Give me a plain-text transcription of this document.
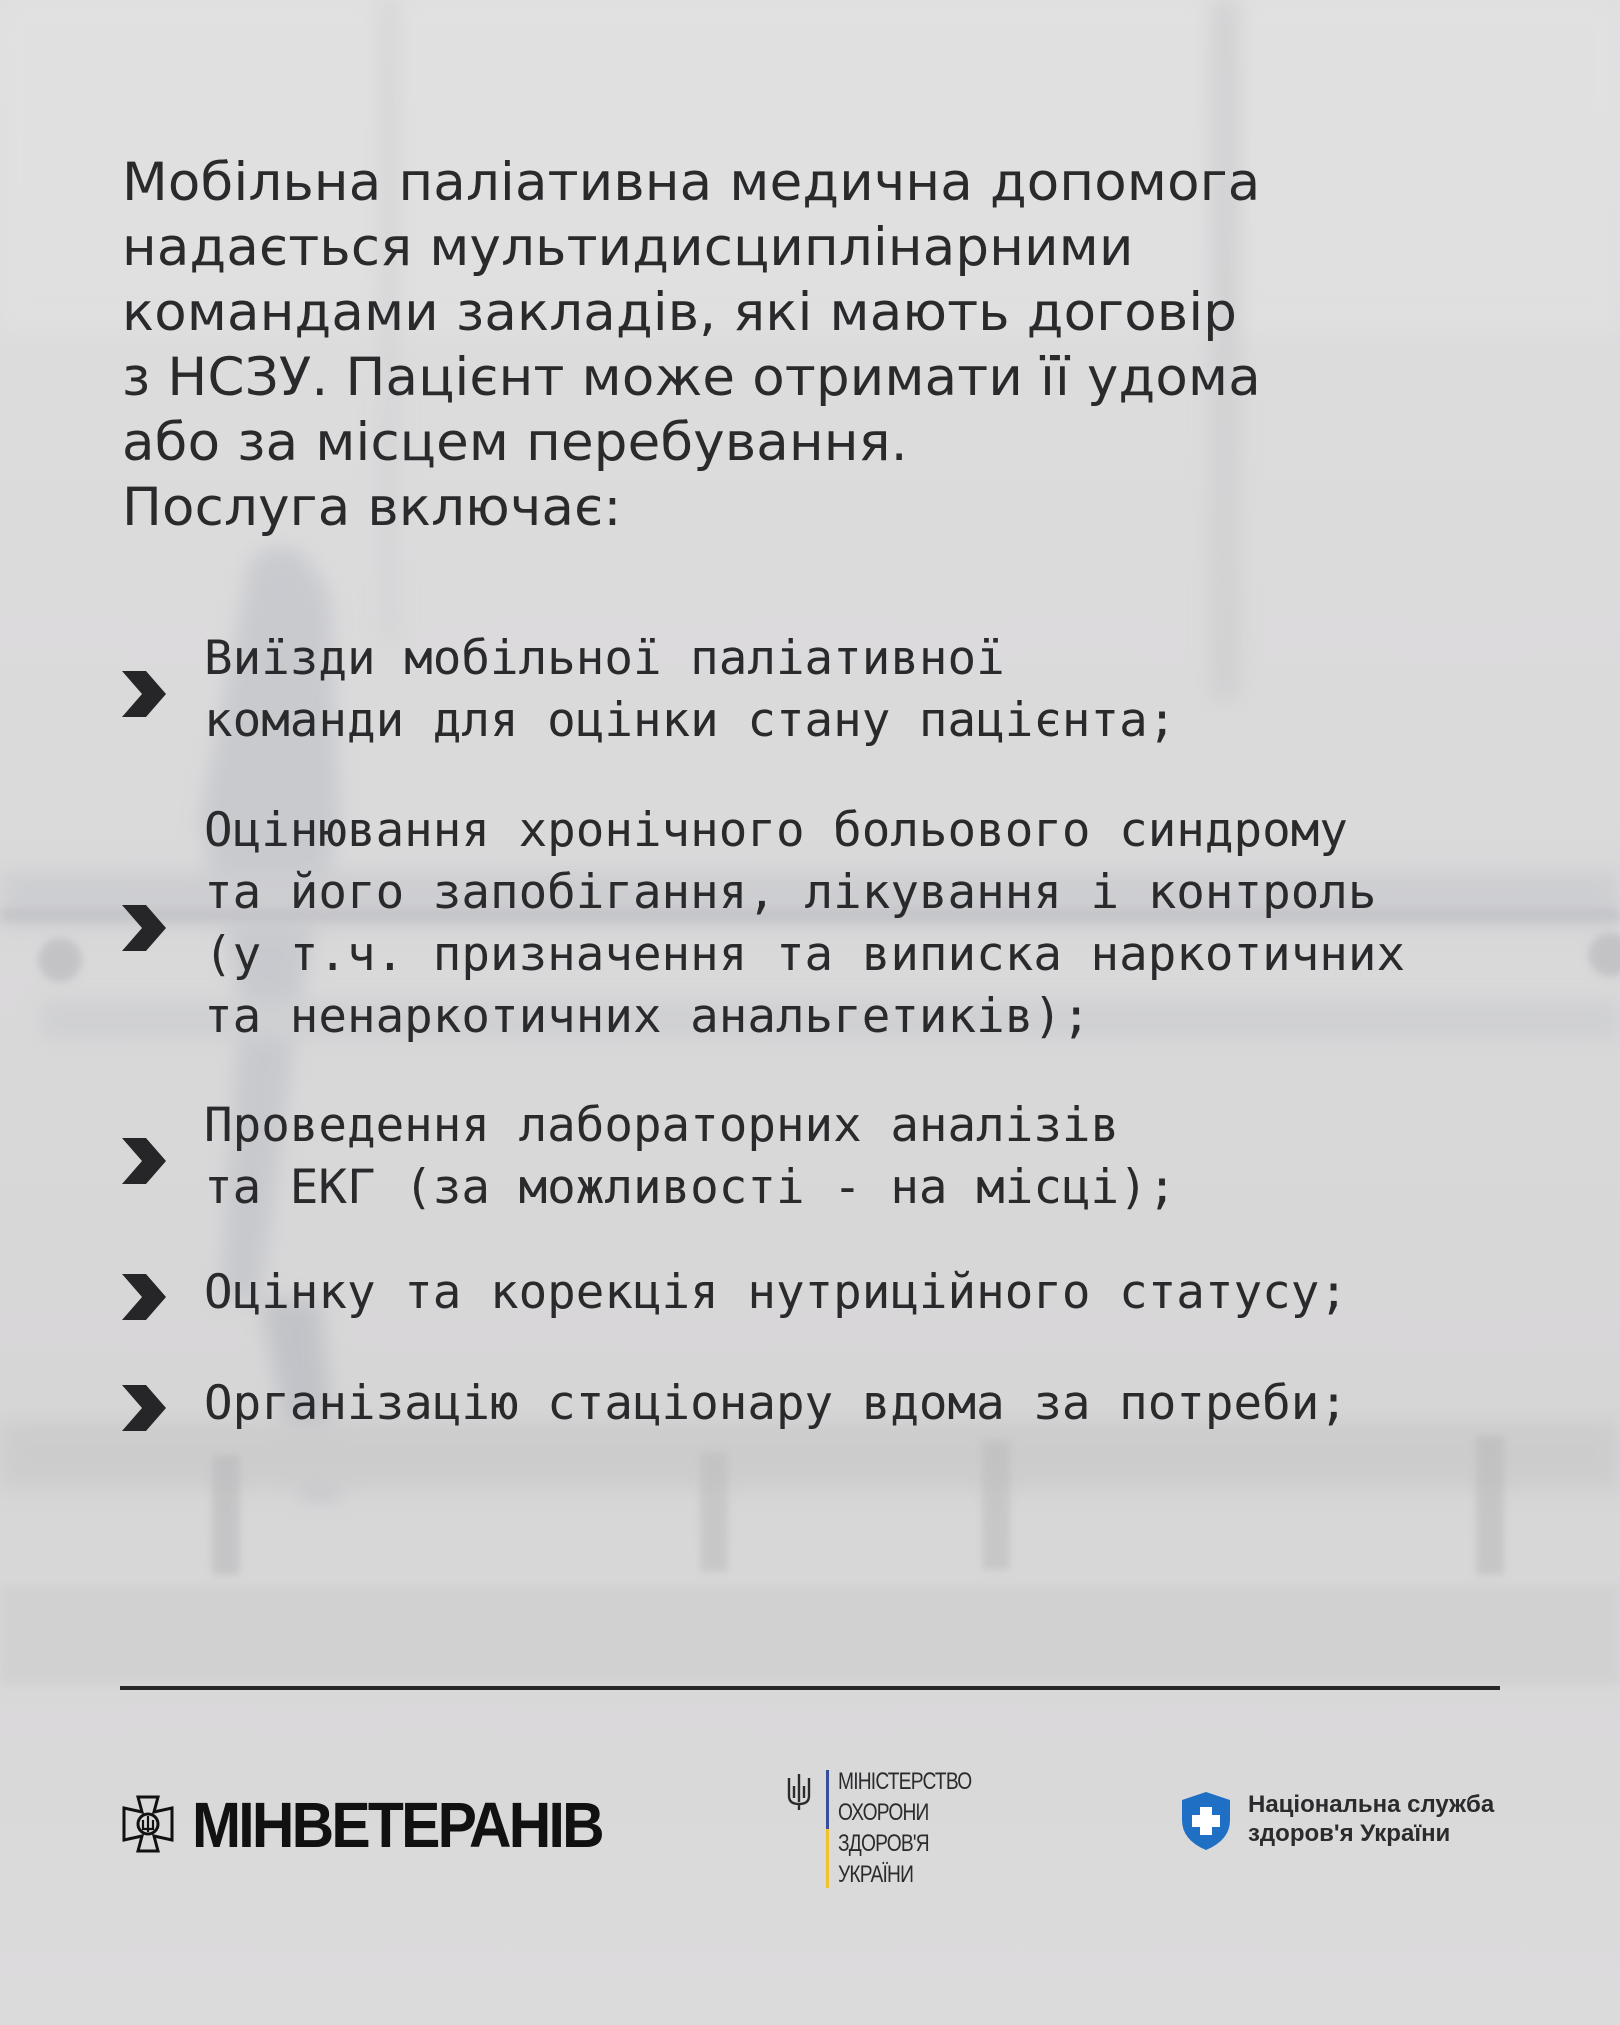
Мобільна паліативна медична допомога
надається мультидисциплінарними
командами закладів, які мають договір
з НСЗУ. Пацієнт може отримати її удома
або за місцем перебування.
Послуга включає:
Виїзди мобільної паліативної
команди для оцінки стану пацієнта;
Оцінювання хронічного больового синдрому
та його запобігання, лікування і контроль
(у т.ч. призначення та виписка наркотичних
та ненаркотичних анальгетиків);
Проведення лабораторних аналізів
та ЕКГ (за можливості - на місці);
Оцінку та корекція нутриційного статусу;
Організацію стаціонару вдома за потреби;
МІНВЕТЕРАНІВ
МІНІСТЕРСТВО
ОХОРОНИ
ЗДОРОВ'Я
УКРАЇНИ
Національна служба
здоров'я України
